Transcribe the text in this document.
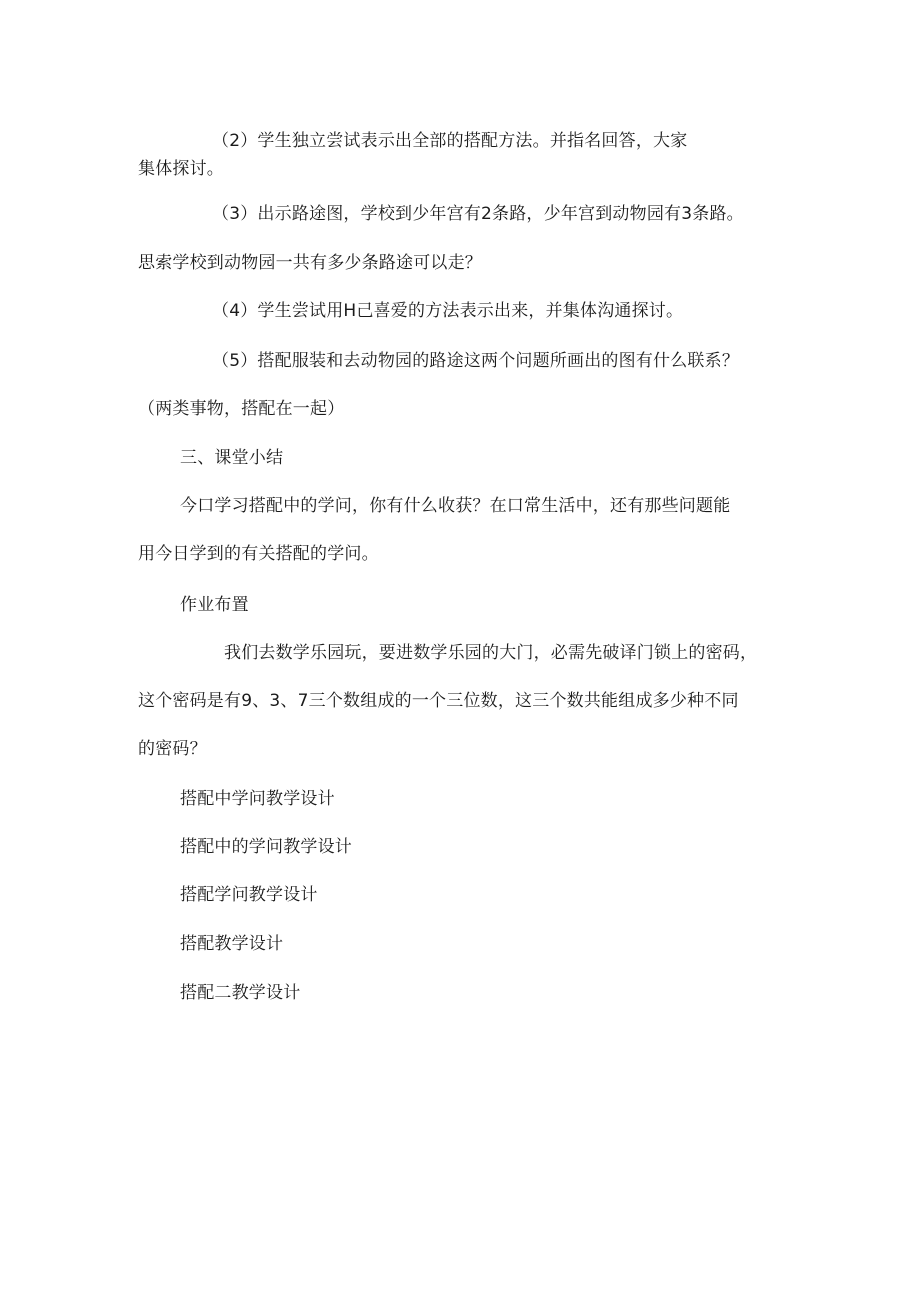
（2）学生独立尝试表示出全部的搭配方法。并指名回答，大家
集体探讨。
（3）出示路途图，学校到少年宫有2条路，少年宫到动物园有3条路。
思索学校到动物园一共有多少条路途可以走？
（4）学生尝试用H己喜爱的方法表示出来，并集体沟通探讨。
（5）搭配服装和去动物园的路途这两个问题所画出的图有什么联系？
（两类事物，搭配在一起）
三、课堂小结
今口学习搭配中的学问，你有什么收获？在口常生活中，还有那些问题能
用今日学到的有关搭配的学问。
作业布置
我们去数学乐园玩，要进数学乐园的大门，必需先破译门锁上的密码，
这个密码是有9、3、7三个数组成的一个三位数，这三个数共能组成多少种不同
的密码？
搭配中学问教学设计
搭配中的学问教学设计
搭配学问教学设计
搭配教学设计
搭配二教学设计
